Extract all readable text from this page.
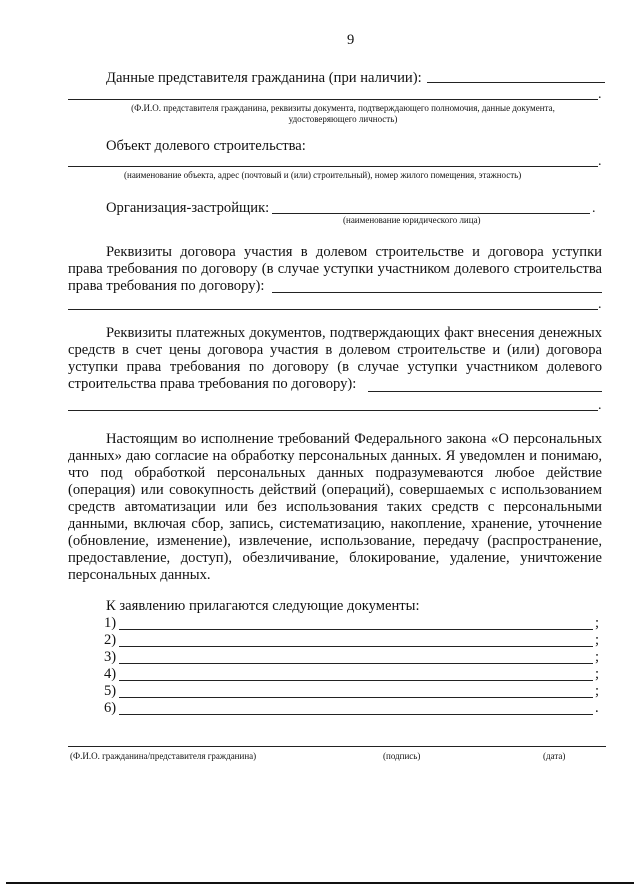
9
Данные представителя гражданина (при наличии):
.
(Ф.И.О. представителя гражданина, реквизиты документа, подтверждающего полномочия, данные документа,
удостоверяющего личность)
Объект долевого строительства:
.
(наименование объекта, адрес (почтовый и (или) строительный), номер жилого помещения, этажность)
Организация-застройщик:	.
(наименование юридического лица)
Реквизиты договора участия в долевом строительстве и договора уступки
права требования по договору (в случае уступки участником долевого строительства
права требования по договору):
.
Реквизиты платежных документов, подтверждающих факт внесения денежных
средств в счет цены договора участия в долевом строительстве и (или) договора
уступки права требования по договору (в случае уступки участником долевого
строительства права требования по договору):
.
Настоящим во исполнение требований Федерального закона «О персональных
данных» даю согласие на обработку персональных данных. Я уведомлен и понимаю,
что под обработкой персональных данных подразумеваются любое действие
(операция) или совокупность действий (операций), совершаемых с использованием
средств автоматизации или без использования таких средств с персональными
данными, включая сбор, запись, систематизацию, накопление, хранение, уточнение
(обновление, изменение), извлечение, использование, передачу (распространение,
предоставление, доступ), обезличивание, блокирование, удаление, уничтожение
персональных данных.
К заявлению прилагаются следующие документы:
1)	;
2)	;
3)	;
4)	;
5)	;
6)	.
(Ф.И.О. гражданина/представителя гражданина)	(подпись)	(дата)
